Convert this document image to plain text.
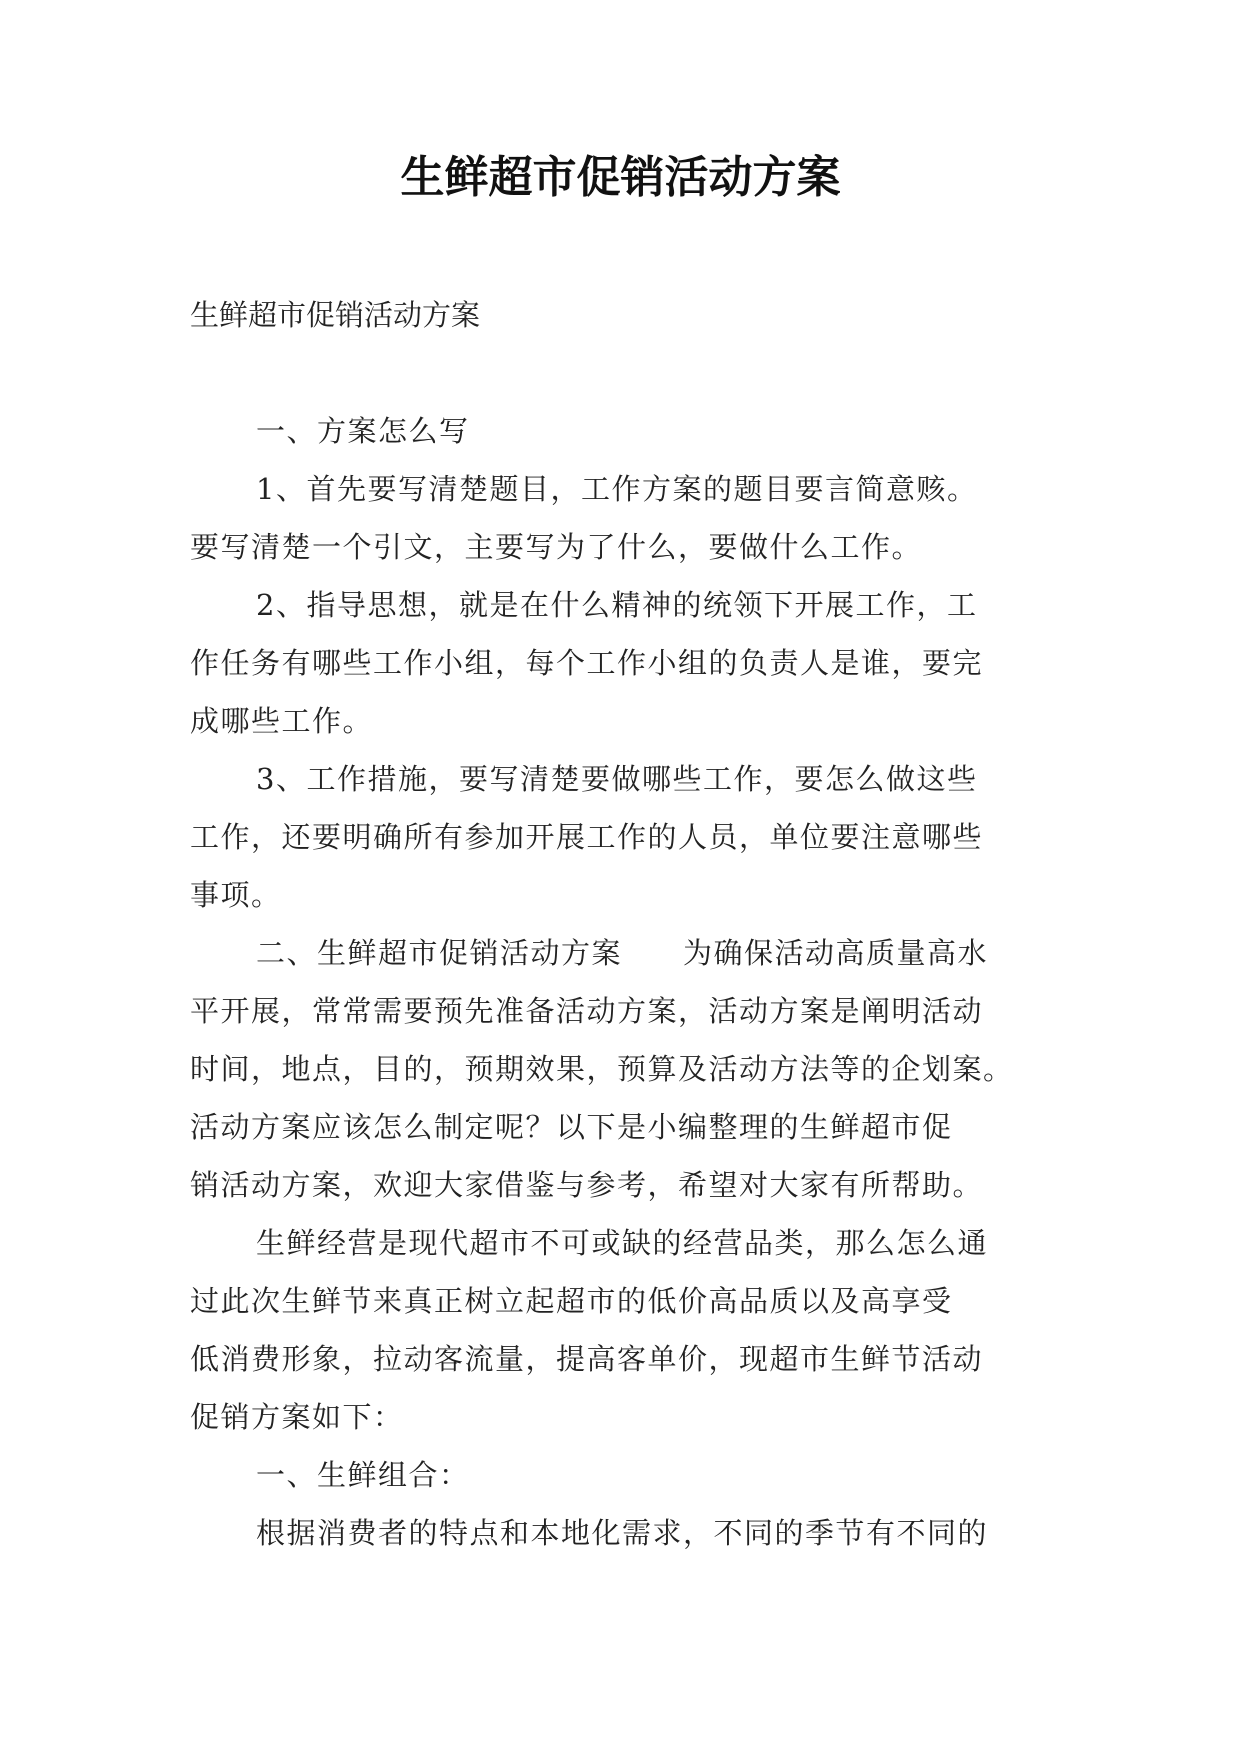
生鲜超市促销活动方案
生鲜超市促销活动方案
一、方案怎么写
1、首先要写清楚题目，工作方案的题目要言简意赅。
要写清楚一个引文，主要写为了什么，要做什么工作。
2、指导思想，就是在什么精神的统领下开展工作，工
作任务有哪些工作小组，每个工作小组的负责人是谁，要完
成哪些工作。
3、工作措施，要写清楚要做哪些工作，要怎么做这些
工作，还要明确所有参加开展工作的人员，单位要注意哪些
事项。
二、生鲜超市促销活动方案　　为确保活动高质量高水
平开展，常常需要预先准备活动方案，活动方案是阐明活动
时间，地点，目的，预期效果，预算及活动方法等的企划案。
活动方案应该怎么制定呢？以下是小编整理的生鲜超市促
销活动方案，欢迎大家借鉴与参考，希望对大家有所帮助。
生鲜经营是现代超市不可或缺的经营品类，那么怎么通
过此次生鲜节来真正树立起超市的低价高品质以及高享受
低消费形象，拉动客流量，提高客单价，现超市生鲜节活动
促销方案如下：
一、生鲜组合：
根据消费者的特点和本地化需求，不同的季节有不同的
